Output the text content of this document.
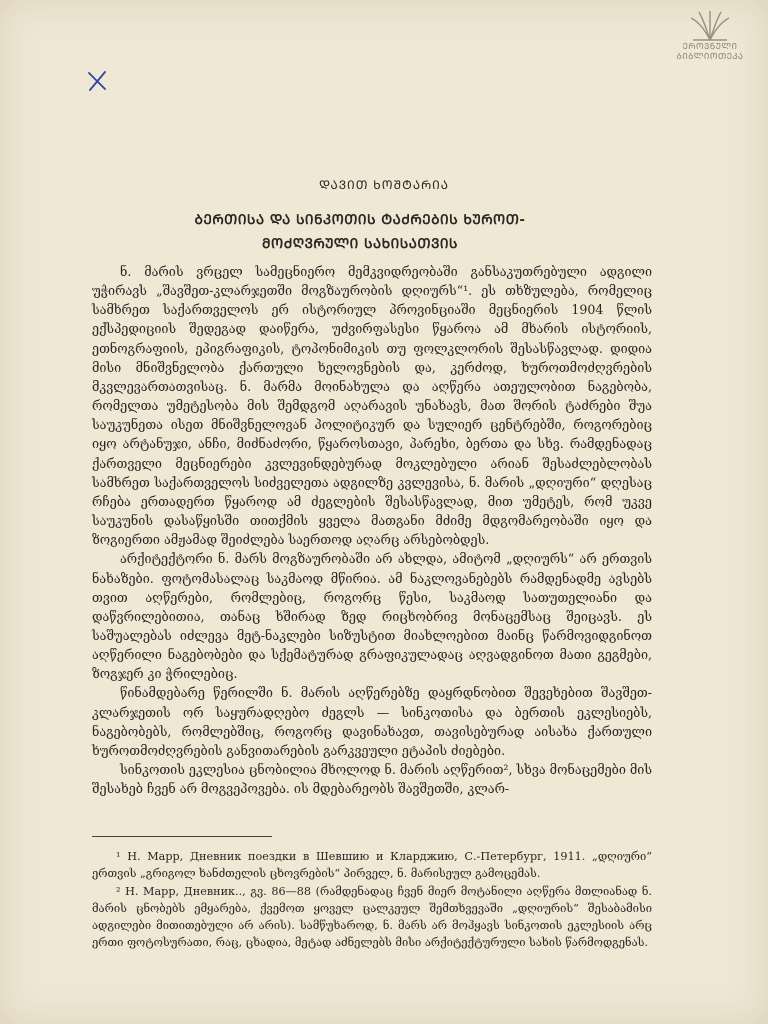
ᲔᲠᲝᲕᲜᲣᲚᲘ
ᲑᲘᲑᲚᲘᲝᲗᲔᲙᲐ
ᲓᲐᲕᲘᲗ ᲮᲝᲨᲢᲐᲠᲘᲐ
ᲑᲔᲠᲗᲘᲡᲐ ᲓᲐ ᲡᲘᲜᲙᲝᲗᲘᲡ ᲢᲐᲫᲠᲔᲑᲘᲡ ᲮᲣᲠᲝᲗ-
ᲛᲝᲫᲦᲕᲠᲣᲚᲘ ᲡᲐᲮᲘᲡᲐᲗᲕᲘᲡ

ნ. მარის ვრცელ სამეცნიერო მემკვიდრეობაში განსაკუთრებული ადგილი უჭირავს „შავშეთ-კლარჯეთში მოგზაურობის დღიურს“¹. ეს თხზულება, რომელიც სამხრეთ საქართველოს ერ ისტორიულ პროვინციაში მეცნიერის 1904 წლის ექსპედიციის შედეგად დაიწერა, უძვირფასესი წყაროა ამ მხარის ისტორიის, ეთნოგრაფიის, ეპიგრაფიკის, ტოპონიმიკის თუ ფოლკლორის შესასწავლად. დიდია მისი მნიშვნელობა ქართული ხელოვნების და, კერძოდ, ხუროთმოძღვრების მკვლევართათვისაც. ნ. მარმა მოინახულა და აღწერა ათეულობით ნაგებობა, რომელთა უმეტესობა მის შემდგომ აღარავის უნახავს, მათ შორის ტაძრები შუა საუკუნეთა ისეთ მნიშვნელოვან პოლიტიკურ და სულიერ ცენტრებში, როგორებიც იყო არტანუჯი, ანჩი, მიძნაძორი, წყაროსთავი, პარეხი, ბერთა და სხვ. რამდენადაც ქართველი მეცნიერები კვლევინდებურად მოკლებული არიან შესაძლებლობას სამხრეთ საქართველოს სიძველეთა ადგილზე კვლევისა, ნ. მარის „დღიური“ დღესაც რჩება ერთადერთ წყაროდ ამ ძეგლების შესასწავლად, მით უმეტეს, რომ უკვე საუკუნის დასაწყისში თითქმის ყველა მათგანი მძიმე მდგომარეობაში იყო და ზოგიერთი ამჟამად შეიძლება საერთოდ აღარც არსებობდეს.

არქიტექტორი ნ. მარს მოგზაურობაში არ ახლდა, ამიტომ „დღიურს“ არ ერთვის ნახაზები. ფოტომასალაც საკმაოდ მწირია. ამ ნაკლოვანებებს რამდენადმე ავსებს თვით აღწერები, რომლებიც, როგორც წესი, საკმაოდ სათუთელიანი და დაწვრილებითია, თანაც ხშირად ზედ რიცხობრივ მონაცემსაც შეიცავს. ეს საშუალებას იძლევა მეტ-ნაკლები სიზუსტით მიახლოებით მაინც წარმოვიდგინოთ აღწერილი ნაგებობები და სქემატურად გრაფიკულადაც აღვადგინოთ მათი გეგმები, ზოგჯერ კი ჭრილებიც.

წინამდებარე წერილში ნ. მარის აღწერებზე დაყრდნობით შევეხებით შავშეთ-კლარჯეთის ორ საყურადღებო ძეგლს — სინკოთისა და ბერთის ეკლესიებს, ნაგებობებს, რომლებშიც, როგორც დავინახავთ, თავისებურად აისახა ქართული ხუროთმოძღვრების განვითარების გარკვეული ეტაპის ძიებები.

სინკოთის ეკლესია ცნობილია მხოლოდ ნ. მარის აღწერით², სხვა მონაცემები მის შესახებ ჩვენ არ მოგვეპოვება. ის მდებარეობს შავშეთში, კლარ-

¹ Н. Марр, Дневник поездки в Шевшию и Кларджию, С.-Петербург, 1911. „დღიური“ ერთვის „გრიგოლ ხანძთელის ცხოვრების“ პირველ, ნ. მარისეულ გამოცემას.

² Н. Марр, Дневник.., გვ. 86—88 (რამდენადაც ჩვენ მიერ მოტანილი აღწერა მთლიანად ნ. მარის ცნობებს ემყარება, ქვემოთ ყოველ ცალკეულ შემთხვევაში „დღიურის“ შესაბამისი ადგილები მითითებული არ არის). სამწუხაროდ, ნ. მარს არ მოჰყავს სინკოთის ეკლესიის არც ერთი ფოტოსურათი, რაც, ცხადია, მეტად აძნელებს მისი არქიტექტურული სახის წარმოდგენას.
